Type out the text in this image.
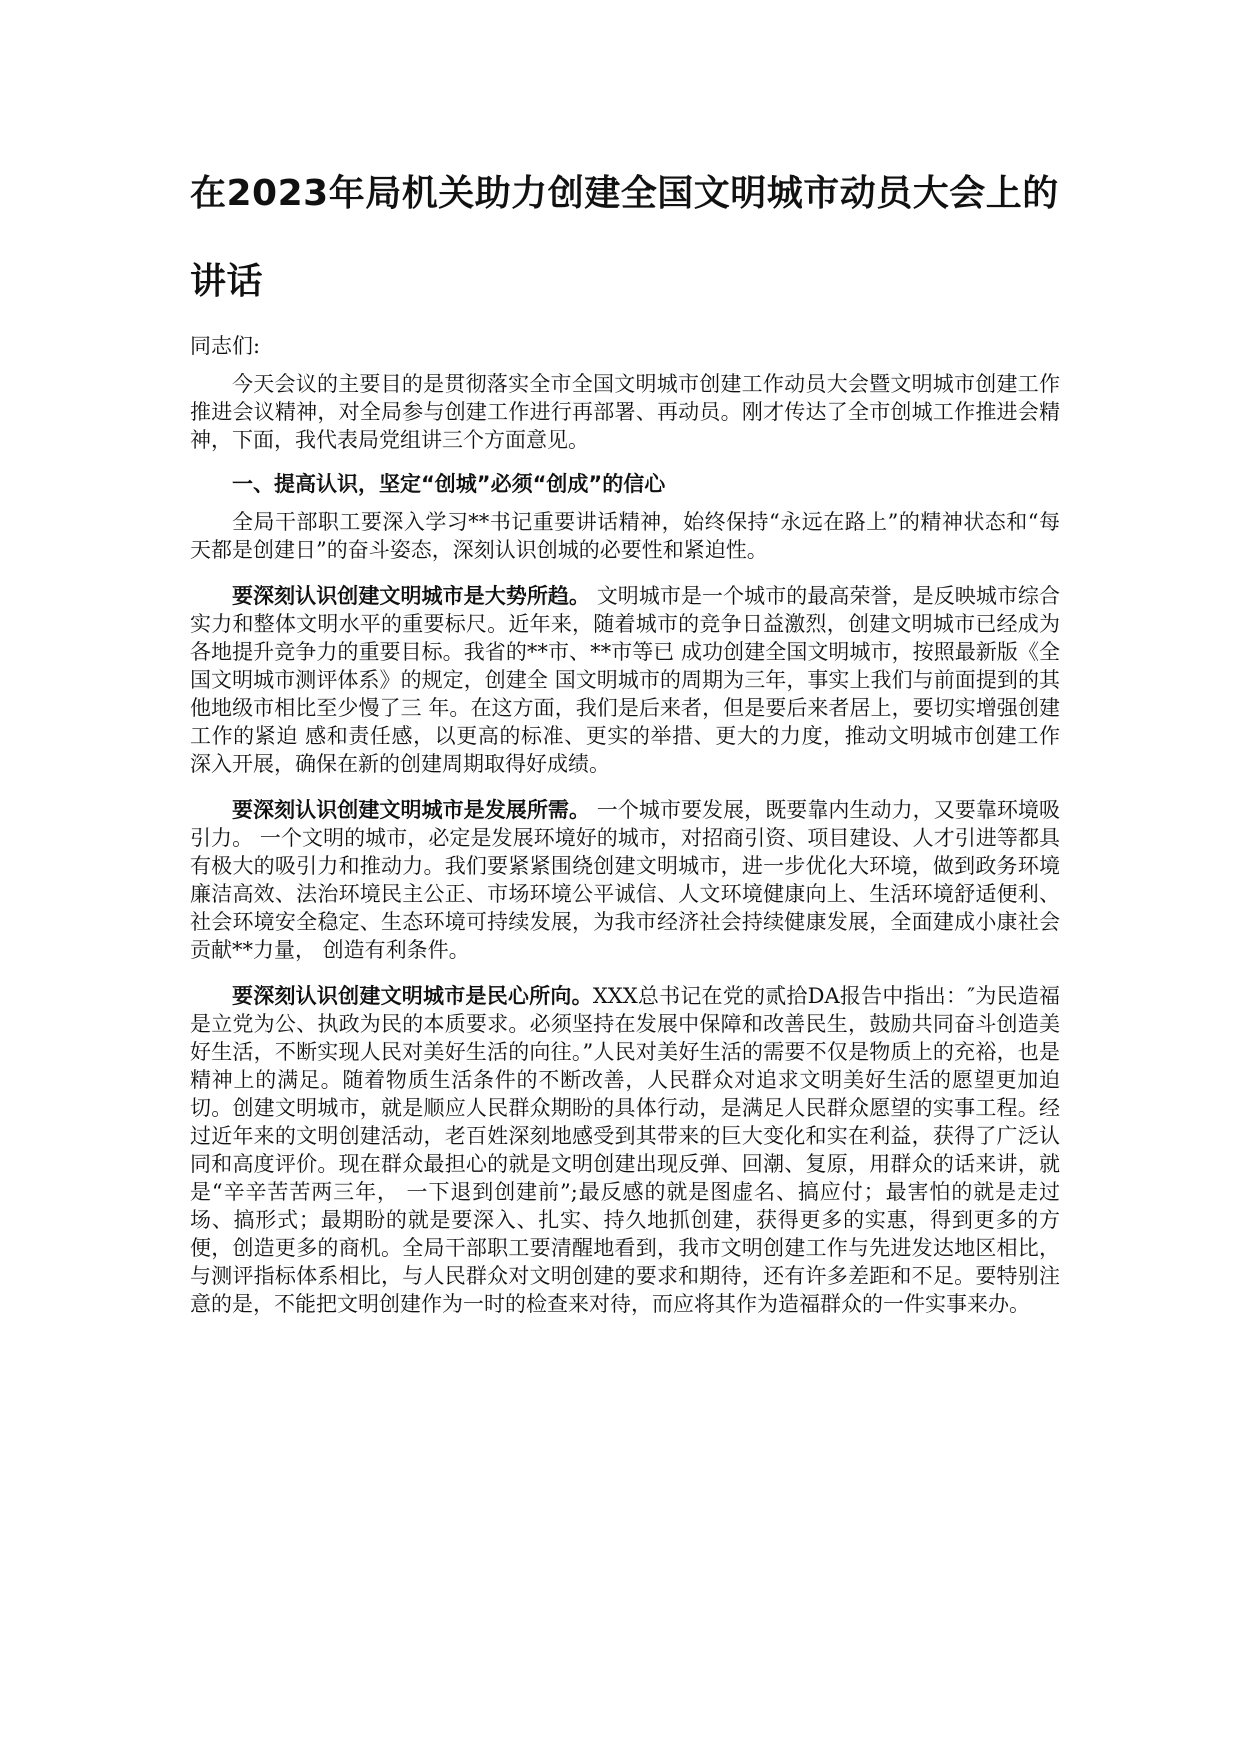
在2023年局机关助力创建全国文明城市动员大会上的讲话

同志们:

今天会议的主要目的是贯彻落实全市全国文明城市创建工作动员大会暨文明城市创建工作推进会议精神，对全局参与创建工作进行再部署、再动员。刚才传达了全市创城工作推进会精神，下面，我代表局党组讲三个方面意见。

一、提高认识，坚定“创城”必须“创成”的信心

全局干部职工要深入学习**书记重要讲话精神，始终保持“永远在路上”的精神状态和“每天都是创建日”的奋斗姿态，深刻认识创城的必要性和紧迫性。

要深刻认识创建文明城市是大势所趋。 文明城市是一个城市的最高荣誉，是反映城市综合实力和整体文明水平的重要标尺。近年来，随着城市的竞争日益激烈，创建文明城市已经成为各地提升竞争力的重要目标。我省的**市、**市等已 成功创建全国文明城市，按照最新版《全国文明城市测评体系》的规定，创建全 国文明城市的周期为三年，事实上我们与前面提到的其他地级市相比至少慢了三 年。在这方面，我们是后来者，但是要后来者居上，要切实增强创建工作的紧迫 感和责任感，以更高的标准、更实的举措、更大的力度，推动文明城市创建工作 深入开展，确保在新的创建周期取得好成绩。

要深刻认识创建文明城市是发展所需。 一个城市要发展，既要靠内生动力，又要靠环境吸引力。 一个文明的城市，必定是发展环境好的城市，对招商引资、项目建设、人才引进等都具有极大的吸引力和推动力。我们要紧紧围绕创建文明城市，进一步优化大环境，做到政务环境廉洁高效、法治环境民主公正、市场环境公平诚信、人文环境健康向上、生活环境舒适便利、社会环境安全稳定、生态环境可持续发展，为我市经济社会持续健康发展，全面建成小康社会贡献**力量， 创造有利条件。

要深刻认识创建文明城市是民心所向。XXX总书记在党的贰拾DA报告中指出：″为民造福是立党为公、执政为民的本质要求。必须坚持在发展中保障和改善民生，鼓励共同奋斗创造美好生活，不断实现人民对美好生活的向往。”人民对美好生活的需要不仅是物质上的充裕，也是精神上的满足。随着物质生活条件的不断改善，人民群众对追求文明美好生活的愿望更加迫切。创建文明城市，就是顺应人民群众期盼的具体行动，是满足人民群众愿望的实事工程。经过近年来的文明创建活动，老百姓深刻地感受到其带来的巨大变化和实在利益，获得了广泛认同和高度评价。现在群众最担心的就是文明创建出现反弹、回潮、复原，用群众的话来讲，就是“辛辛苦苦两三年， 一下退到创建前”;最反感的就是图虚名、搞应付；最害怕的就是走过场、搞形式；最期盼的就是要深入、扎实、持久地抓创建，获得更多的实惠，得到更多的方便，创造更多的商机。全局干部职工要清醒地看到，我市文明创建工作与先进发达地区相比，与测评指标体系相比，与人民群众对文明创建的要求和期待，还有许多差距和不足。要特别注意的是，不能把文明创建作为一时的检查来对待，而应将其作为造福群众的一件实事来办。
